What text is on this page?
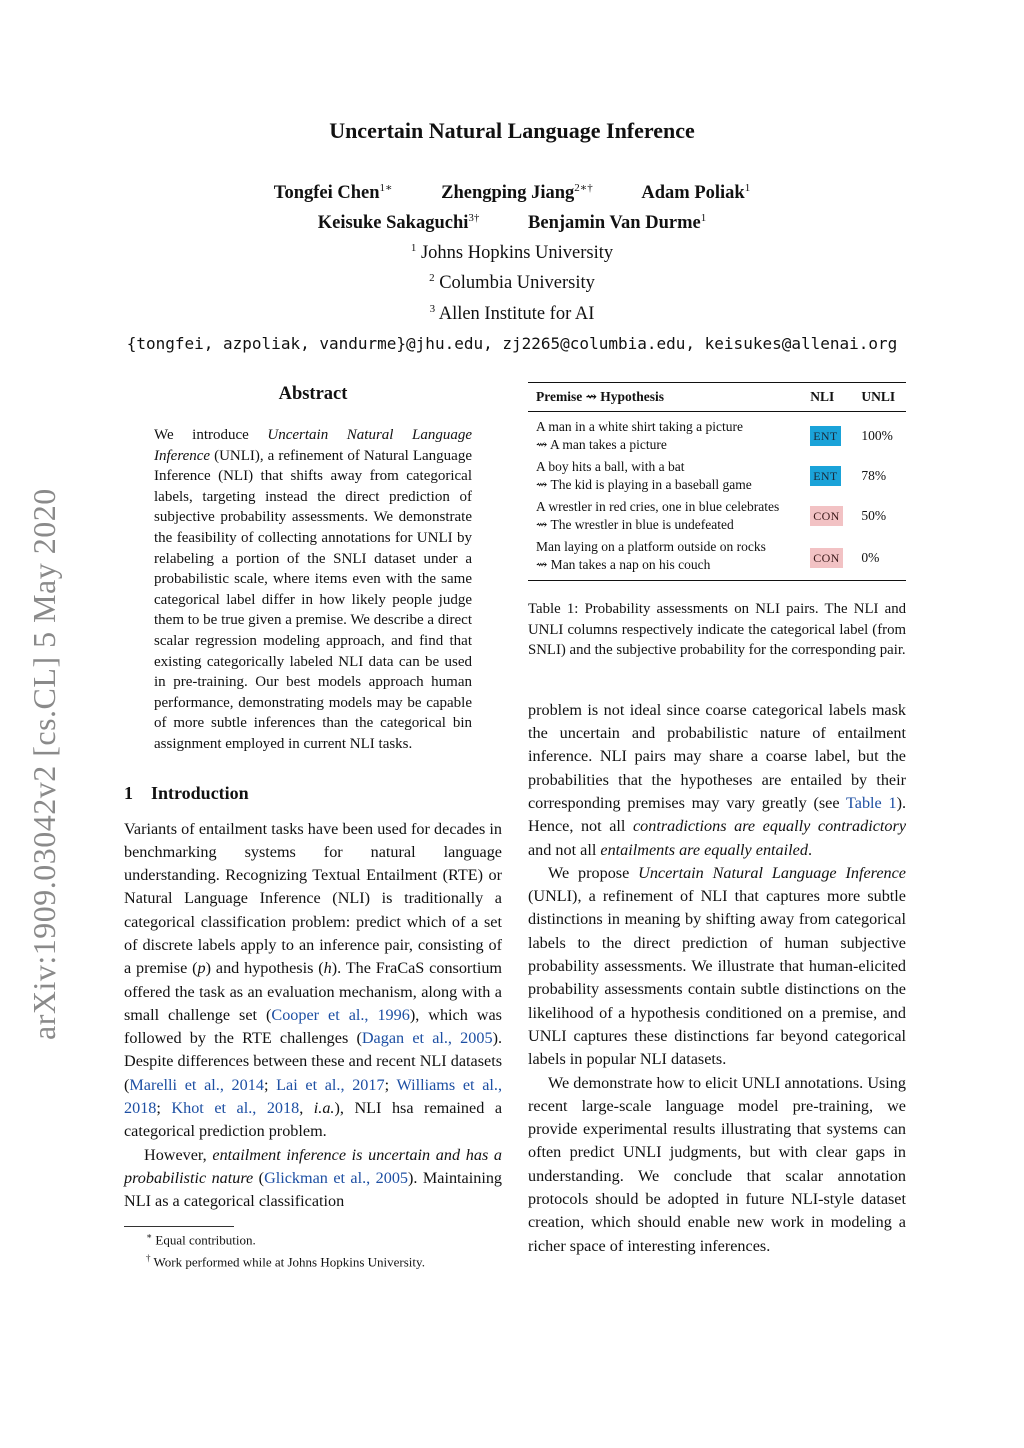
Uncertain Natural Language Inference
Tongfei Chen$^{1∗}$	Zhengping Jiang$^{2∗\dagger}$	Adam Poliak$^1$
Keisuke Sakaguchi$^{3\dagger}$	Benjamin Van Durme$^1$
$^1$ Johns Hopkins University
$^2$ Columbia University
$^3$ Allen Institute for AI
{tongfei, azpoliak, vandurme}@jhu.edu, zj2265@columbia.edu, keisukes@allenai.org
arXiv:1909.03042v2 [cs.CL] 5 May 2020
Abstract
We introduce Uncertain Natural Language Inference (UNLI), a refinement of Natural Language Inference (NLI) that shifts away from categorical labels, targeting instead the direct prediction of subjective probability assessments. We demonstrate the feasibility of collecting annotations for UNLI by relabeling a portion of the SNLI dataset under a probabilistic scale, where items even with the same categorical label differ in how likely people judge them to be true given a premise. We describe a direct scalar regression modeling approach, and find that existing categorically labeled NLI data can be used in pre-training. Our best models approach human performance, demonstrating models may be capable of more subtle inferences than the categorical bin assignment employed in current NLI tasks.
1 Introduction

Variants of entailment tasks have been used for decades in benchmarking systems for natural language understanding. Recognizing Textual Entailment (RTE) or Natural Language Inference (NLI) is traditionally a categorical classification problem: predict which of a set of discrete labels apply to an inference pair, consisting of a premise (p) and hypothesis (h). The FraCaS consortium offered the task as an evaluation mechanism, along with a small challenge set (Cooper et al., 1996), which was followed by the RTE challenges (Dagan et al., 2005). Despite differences between these and recent NLI datasets (Marelli et al., 2014; Lai et al., 2017; Williams et al., 2018; Khot et al., 2018, i.a.), NLI hsa remained a categorical prediction problem.

However, entailment inference is uncertain and has a probabilistic nature (Glickman et al., 2005). Maintaining NLI as a categorical classification

∗ Equal contribution.
† Work performed while at Johns Hopkins University.
Premise ⇝ Hypothesis	NLI	UNLI

A man in a white shirt taking a picture
⇝ A man takes a picture	ENT	100%

A boy hits a ball, with a bat
⇝ The kid is playing in a baseball game	ENT	78%

A wrestler in red cries, one in blue celebrates
⇝ The wrestler in blue is undefeated	CON	50%

Man laying on a platform outside on rocks
⇝ Man takes a nap on his couch	CON	0%
Table 1: Probability assessments on NLI pairs. The NLI and UNLI columns respectively indicate the categorical label (from SNLI) and the subjective probability for the corresponding pair.

problem is not ideal since coarse categorical labels mask the uncertain and probabilistic nature of entailment inference. NLI pairs may share a coarse label, but the probabilities that the hypotheses are entailed by their corresponding premises may vary greatly (see Table 1). Hence, not all contradictions are equally contradictory and not all entailments are equally entailed.

We propose Uncertain Natural Language Inference (UNLI), a refinement of NLI that captures more subtle distinctions in meaning by shifting away from categorical labels to the direct prediction of human subjective probability assessments. We illustrate that human-elicited probability assessments contain subtle distinctions on the likelihood of a hypothesis conditioned on a premise, and UNLI captures these distinctions far beyond categorical labels in popular NLI datasets.

We demonstrate how to elicit UNLI annotations. Using recent large-scale language model pre-training, we provide experimental results illustrating that systems can often predict UNLI judgments, but with clear gaps in understanding. We conclude that scalar annotation protocols should be adopted in future NLI-style dataset creation, which should enable new work in modeling a richer space of interesting inferences.
